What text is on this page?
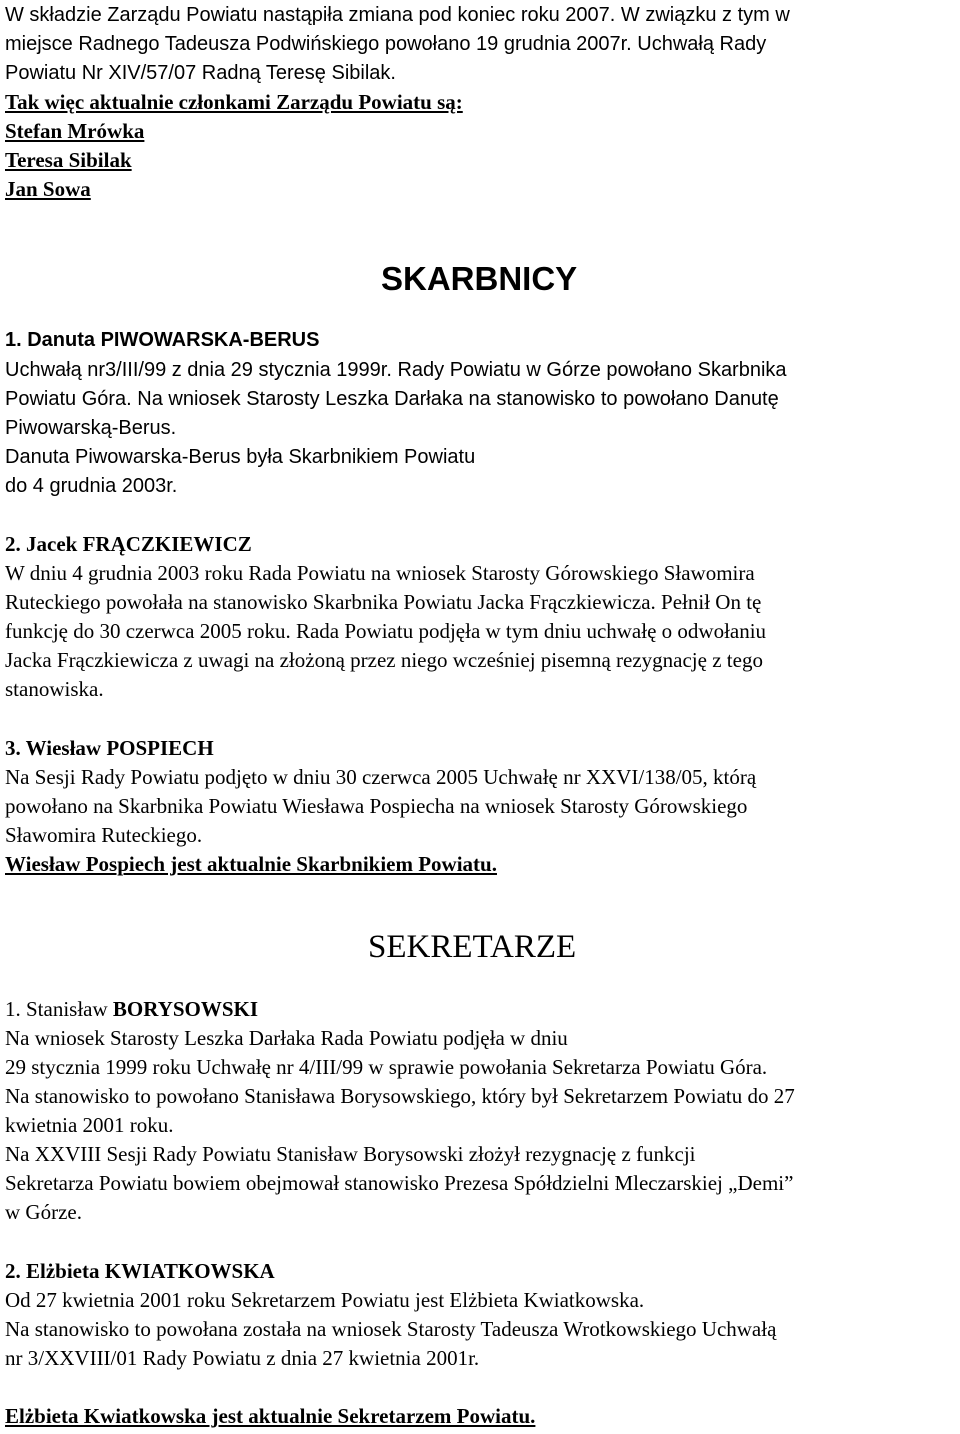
W składzie Zarządu Powiatu nastąpiła zmiana pod koniec roku 2007. W związku z tym w
miejsce Radnego Tadeusza Podwińskiego powołano 19 grudnia 2007r. Uchwałą Rady
Powiatu Nr XIV/57/07 Radną Teresę Sibilak.
Tak więc aktualnie członkami Zarządu Powiatu są:
Stefan Mrówka
Teresa Sibilak
Jan Sowa
SKARBNICY
1. Danuta PIWOWARSKA-BERUS
Uchwałą nr3/III/99 z dnia 29 stycznia 1999r. Rady Powiatu w Górze powołano Skarbnika
Powiatu Góra. Na wniosek Starosty Leszka Darłaka na stanowisko to powołano Danutę
Piwowarską-Berus.
Danuta Piwowarska-Berus była Skarbnikiem Powiatu
do 4 grudnia 2003r.
2. Jacek FRĄCZKIEWICZ
W dniu 4 grudnia 2003 roku Rada Powiatu na wniosek Starosty Górowskiego Sławomira
Ruteckiego powołała na stanowisko Skarbnika Powiatu Jacka Frączkiewicza. Pełnił On tę
funkcję do 30 czerwca 2005 roku. Rada Powiatu podjęła w tym dniu uchwałę o odwołaniu
Jacka Frączkiewicza z uwagi na złożoną przez niego wcześniej pisemną rezygnację z tego
stanowiska.
3. Wiesław POSPIECH
Na Sesji Rady Powiatu podjęto w dniu 30 czerwca 2005 Uchwałę nr XXVI/138/05, którą
powołano na Skarbnika Powiatu Wiesława Pospiecha na wniosek Starosty Górowskiego
Sławomira Ruteckiego.
Wiesław Pospiech jest aktualnie Skarbnikiem Powiatu.
SEKRETARZE
1. Stanisław BORYSOWSKI
Na wniosek Starosty Leszka Darłaka Rada Powiatu podjęła w dniu
29 stycznia 1999 roku Uchwałę nr 4/III/99 w sprawie powołania Sekretarza Powiatu Góra.
Na stanowisko to powołano Stanisława Borysowskiego, który był Sekretarzem Powiatu do 27
kwietnia 2001 roku.
Na XXVIII Sesji Rady Powiatu Stanisław Borysowski złożył rezygnację z funkcji
Sekretarza Powiatu bowiem obejmował stanowisko Prezesa Spółdzielni Mleczarskiej „Demi”
w Górze.
2. Elżbieta KWIATKOWSKA
Od 27 kwietnia 2001 roku Sekretarzem Powiatu jest Elżbieta Kwiatkowska.
Na stanowisko to powołana została na wniosek Starosty Tadeusza Wrotkowskiego Uchwałą
nr 3/XXVIII/01 Rady Powiatu z dnia 27 kwietnia 2001r.
Elżbieta Kwiatkowska jest aktualnie Sekretarzem Powiatu.
